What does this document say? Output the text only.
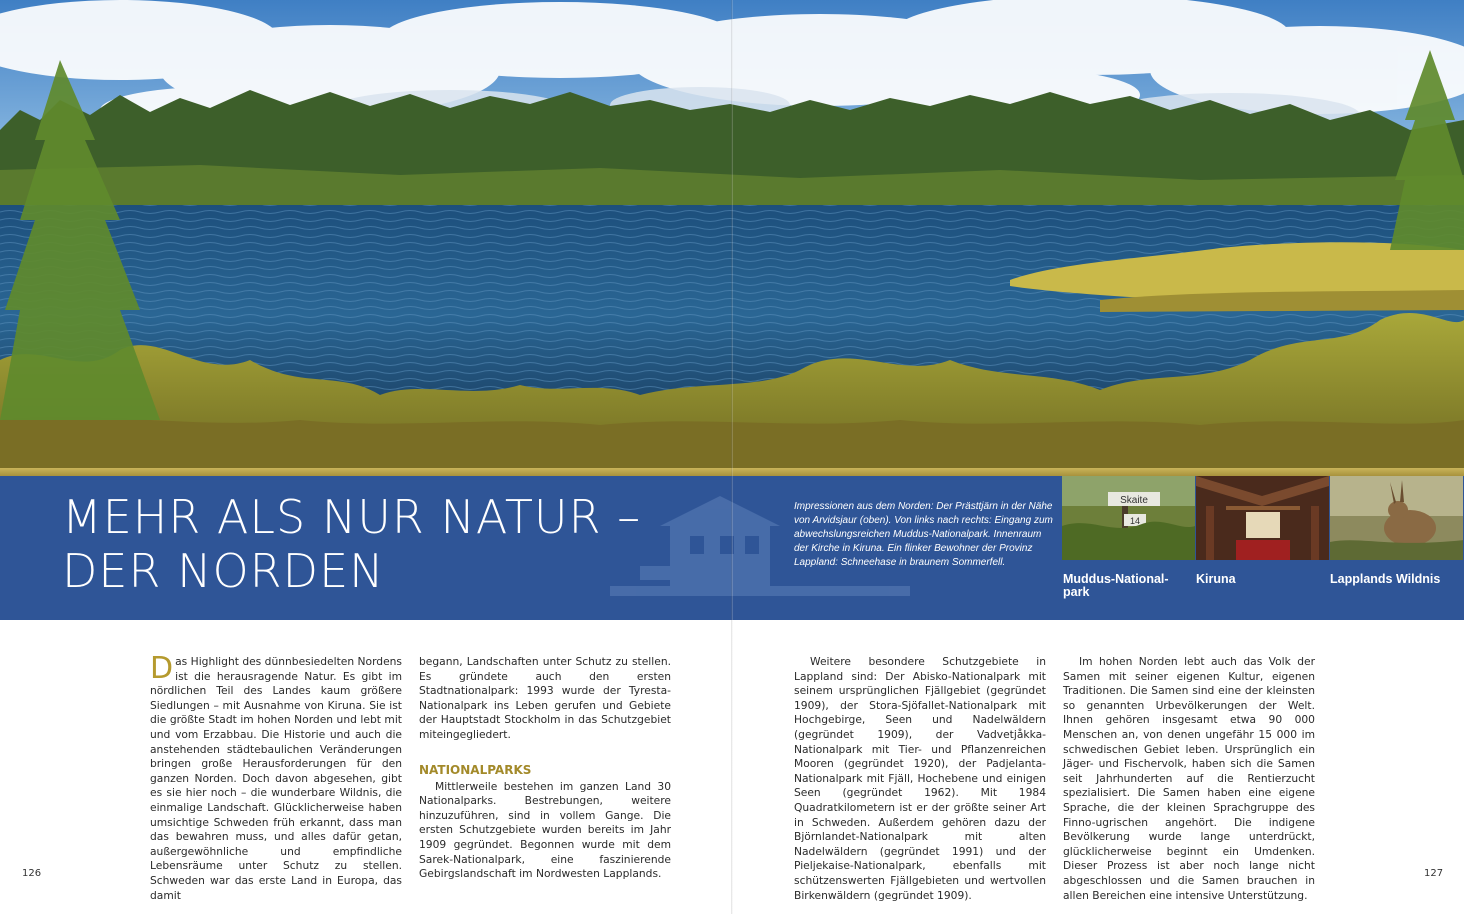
MEHR ALS NUR NATUR –
DER NORDEN
Impressionen aus dem Norden: Der Prästtjärn in der Nähe von Arvidsjaur (oben). Von links nach rechts: Eingang zum abwechslungsreichen Muddus-Nationalpark. Innenraum der Kirche in Kiruna. Ein flinker Bewohner der Provinz Lappland: Schneehase in braunem Sommerfell.
Skaite
14
Muddus-National-park
Kiruna	Lapplands Wildnis

Das Highlight des dünnbesiedelten Nordens ist die herausragende Natur. Es gibt im nördlichen Teil des Landes kaum größere Siedlungen – mit Ausnahme von Kiruna. Sie ist die größte Stadt im hohen Norden und lebt mit und vom Erzabbau. Die Historie und auch die anstehenden städtebaulichen Veränderungen bringen große Herausforderungen für den ganzen Norden. Doch davon abgesehen, gibt es sie hier noch – die wunderbare Wildnis, die einmalige Landschaft. Glücklicherweise haben umsichtige Schweden früh erkannt, dass man das bewahren muss, und alles dafür getan, außergewöhnliche und empfindliche Lebensräume unter Schutz zu stellen. Schweden war das erste Land in Europa, das damit

begann, Landschaften unter Schutz zu stellen. Es gründete auch den ersten Stadtnationalpark: 1993 wurde der Tyresta-Nationalpark ins Leben gerufen und Gebiete der Hauptstadt Stockholm in das Schutzgebiet miteingegliedert.

NATIONALPARKS

Mittlerweile bestehen im ganzen Land 30 Nationalparks. Bestrebungen, weitere hinzuzuführen, sind in vollem Gange. Die ersten Schutzgebiete wurden bereits im Jahr 1909 gegründet. Begonnen wurde mit dem Sarek-Nationalpark, eine faszinierende Gebirgslandschaft im Nordwesten Lapplands.

126

Weitere besondere Schutzgebiete in Lappland sind: Der Abisko-Nationalpark mit seinem ursprünglichen Fjällgebiet (gegründet 1909), der Stora-Sjöfallet-Nationalpark mit Hochgebirge, Seen und Nadelwäldern (gegründet 1909), der Vadvetjåkka-Nationalpark mit Tier- und Pflanzenreichen Mooren (gegründet 1920), der Padjelanta-Nationalpark mit Fjäll, Hochebene und einigen Seen (gegründet 1962). Mit 1984 Quadratkilometern ist er der größte seiner Art in Schweden. Außerdem gehören dazu der Björnlandet-Nationalpark mit alten Nadelwäldern (gegründet 1991) und der Pieljekaise-Nationalpark, ebenfalls mit schützenswerten Fjällgebieten und wertvollen Birkenwäldern (gegründet 1909).

Im hohen Norden lebt auch das Volk der Samen mit seiner eigenen Kultur, eigenen Traditionen. Die Samen sind eine der kleinsten so genannten Urbevölkerungen der Welt. Ihnen gehören insgesamt etwa 90 000 Menschen an, von denen ungefähr 15 000 im schwedischen Gebiet leben. Ursprünglich ein Jäger- und Fischervolk, haben sich die Samen seit Jahrhunderten auf die Rentierzucht spezialisiert. Die Samen haben eine eigene Sprache, die der kleinen Sprachgruppe des Finno-ugrischen angehört. Die indigene Bevölkerung wurde lange unterdrückt, glücklicherweise beginnt ein Umdenken. Dieser Prozess ist aber noch lange nicht abgeschlossen und die Samen brauchen in allen Bereichen eine intensive Unterstützung.

127
